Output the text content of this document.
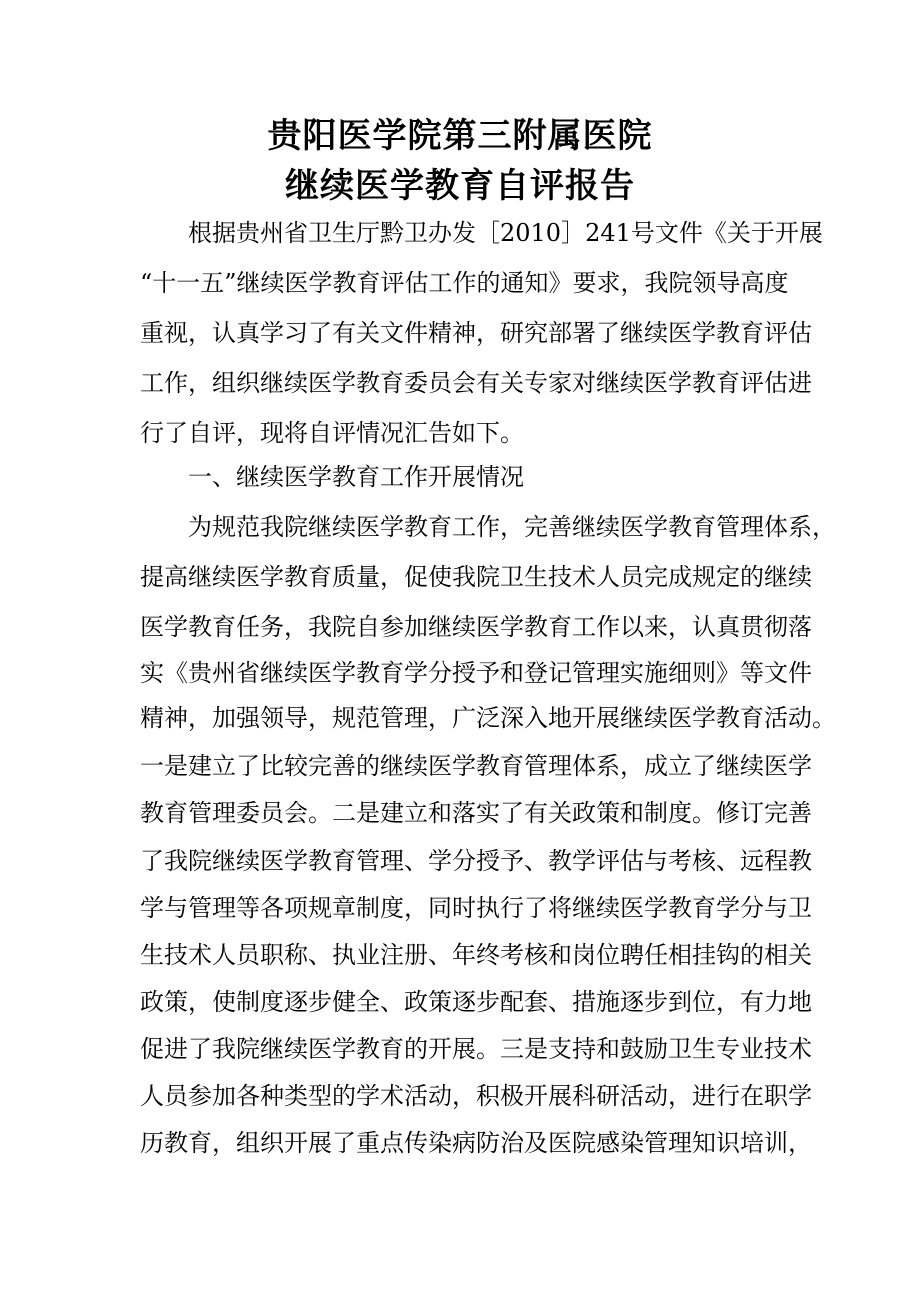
贵阳医学院第三附属医院
继续医学教育自评报告
根据贵州省卫生厅黔卫办发［2010］241号文件《关于开展
“十一五”继续医学教育评估工作的通知》要求，我院领导高度
重视，认真学习了有关文件精神，研究部署了继续医学教育评估
工作，组织继续医学教育委员会有关专家对继续医学教育评估进
行了自评，现将自评情况汇告如下。
一、继续医学教育工作开展情况
为规范我院继续医学教育工作，完善继续医学教育管理体系，
提高继续医学教育质量，促使我院卫生技术人员完成规定的继续
医学教育任务，我院自参加继续医学教育工作以来，认真贯彻落
实《贵州省继续医学教育学分授予和登记管理实施细则》等文件
精神，加强领导，规范管理，广泛深入地开展继续医学教育活动。
一是建立了比较完善的继续医学教育管理体系，成立了继续医学
教育管理委员会。二是建立和落实了有关政策和制度。修订完善
了我院继续医学教育管理、学分授予、教学评估与考核、远程教
学与管理等各项规章制度，同时执行了将继续医学教育学分与卫
生技术人员职称、执业注册、年终考核和岗位聘任相挂钩的相关
政策，使制度逐步健全、政策逐步配套、措施逐步到位，有力地
促进了我院继续医学教育的开展。三是支持和鼓励卫生专业技术
人员参加各种类型的学术活动，积极开展科研活动，进行在职学
历教育，组织开展了重点传染病防治及医院感染管理知识培训，
